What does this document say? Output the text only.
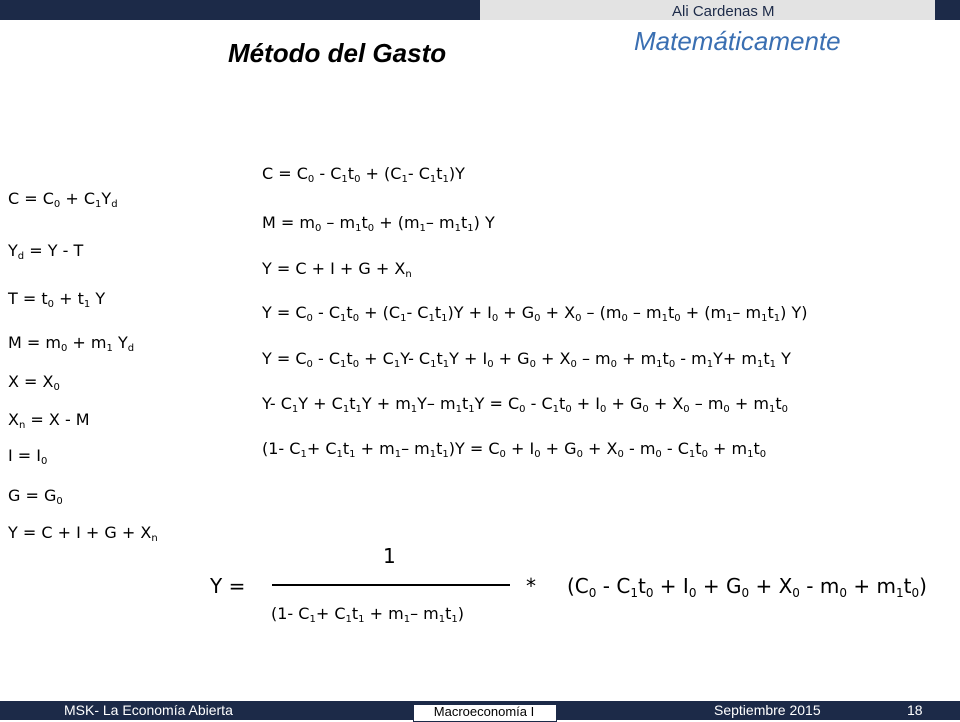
Ali Cardenas M
Matemáticamente
Método del Gasto
$C = C_0 + C_1Y_d$
$Y_d = Y - T$
$T = t_0 + t_1$ Y
$M = m_0 + m_1$ $Y_d$
$X = X_0$
$X_n = X - M$
$I = I_0$
$G = G_0$
$Y = C + I + G + X_n$
$C = C_0 - C_1t_0 + (C_1-$ $C_1t_1)Y$
$M = m_0 - m_1t_0 + (m_1-$ $m_1t_1$) Y
$Y = C + I + G + X_n$
$Y = C_0 - C_1t_0 + (C_1-$ $C_1t_1)Y + I_0 + G_0 + X_0 - (m_0 - m_1t_0 + (m_1-$ $m_1t_1$) Y)
$Y = C_0 - C_1t_0 + C_1Y-$ $C_1t_1Y + I_0 + G_0 + X_0 - m_0 + m_1t_0 - m_1Y+ m_1t_1$ Y
Y- $C_1Y + C_1t_1Y + m_1Y-$ $m_1t_1Y = C_0 - C_1t_0 + I_0 + G_0 + X_0 - m_0 + m_1t_0$
(1- $C_1+ C_1t_1 + m_1-$ $m_1t_1)Y = C_0 + I_0 + G_0 + X_0 - m_0 - C_1t_0 + m_1t_0$
Y =
1
(1- $C_1+ C_1t_1 + m_1-$ $m_1t_1$)
* $(C_0 - C_1t_0 + I_0 + G_0 + X_0 - m_0 + m_1t_0)$
MSK- La Economía Abierta	Macroeconomía I	Septiembre 2015	18
